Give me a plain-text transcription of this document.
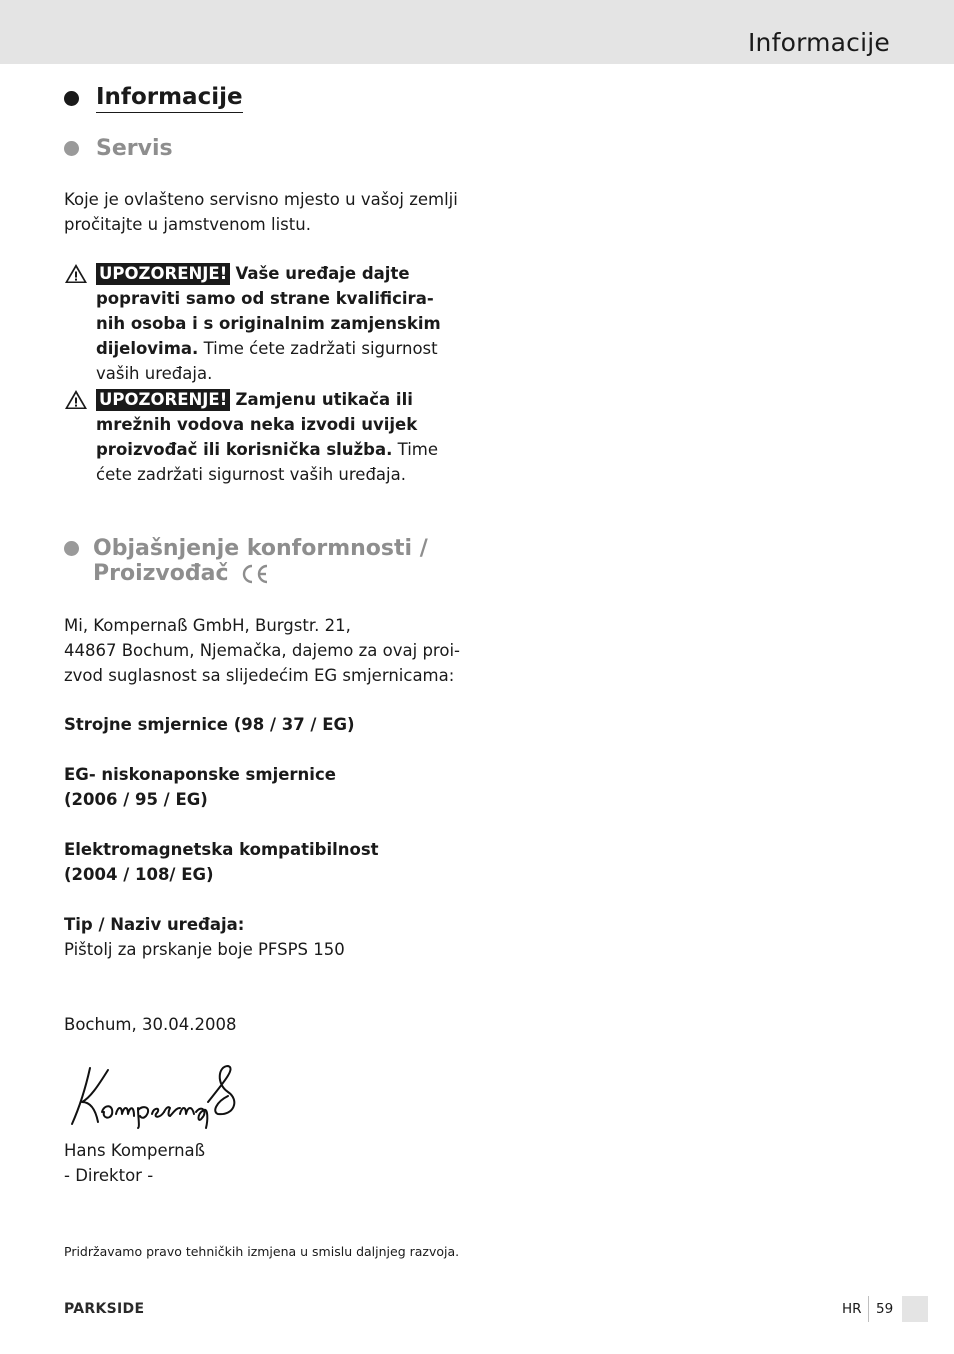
Informacije
Informacije
Servis
Koje je ovlašteno servisno mjesto u vašoj zemlji
pročitajte u jamstvenom listu.
UPOZORENJE! Vaše uređaje dajte
popraviti samo od strane kvalificira-
nih osoba i s originalnim zamjenskim
dijelovima. Time ćete zadržati sigurnost
vaših uređaja.
UPOZORENJE! Zamjenu utikača ili
mrežnih vodova neka izvodi uvijek
proizvođač ili korisnička služba. Time
ćete zadržati sigurnost vaših uređaja.
Objašnjenje konformnosti /
Proizvođač
Mi, Kompernaß GmbH, Burgstr. 21,
44867 Bochum, Njemačka, dajemo za ovaj proi-
zvod suglasnost sa slijedećim EG smjernicama:
Strojne smjernice (98 / 37 / EG)
EG- niskonaponske smjernice
(2006 / 95 / EG)
Elektromagnetska kompatibilnost
(2004 / 108/ EG)
Tip / Naziv uređaja:
Pištolj za prskanje boje PFSPS 150
Bochum, 30.04.2008
Hans Kompernaß
- Direktor -
Pridržavamo pravo tehničkih izmjena u smislu daljnjeg razvoja.
PARKSIDE	HR 59
